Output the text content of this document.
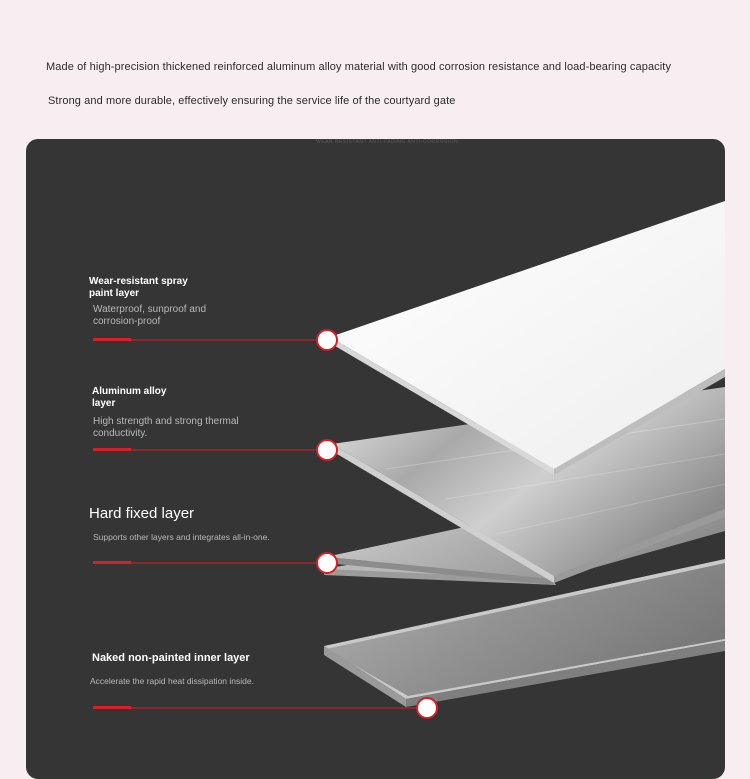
Made of high-precision thickened reinforced aluminum alloy material with good corrosion resistance and load-bearing capacity
Strong and more durable, effectively ensuring the service life of the courtyard gate
WEAR RESISTANT ANTI-FADING ANTI-CORROSION
Wear-resistant spray paint layer
Waterproof, sunproof and corrosion-proof
Aluminum alloy layer
High strength and strong thermal conductivity.
Hard fixed layer
Supports other layers and integrates all-in-one.
Naked non-painted inner layer
Accelerate the rapid heat dissipation inside.
